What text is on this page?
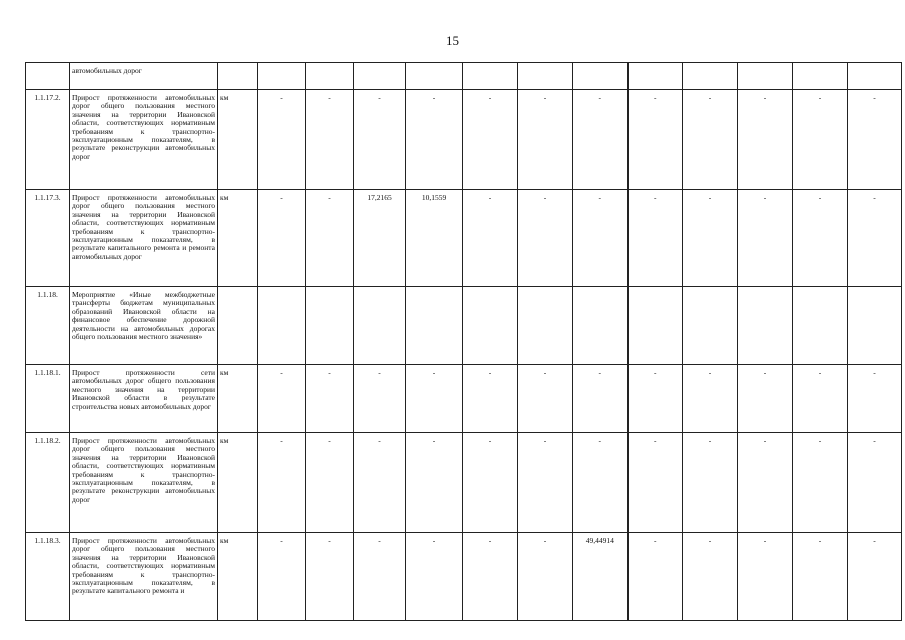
15
	автомобильных дорог													
1.1.17.2.	Прирост протяженности автомобильных дорог общего пользования местного значения на территории Ивановской области, соответствующих нормативным требованиям к транспортно-эксплуатационным показателям, в результате реконструкции автомобильных дорог	км	-	-	-	-	-	-	-	-	-	-	-	-
1.1.17.3.	Прирост протяженности автомобильных дорог общего пользования местного значения на территории Ивановской области, соответствующих нормативным требованиям к транспортно-эксплуатационным показателям, в результате капитального ремонта и ремонта автомобильных дорог	км	-	-	17,2165	10,1559	-	-	-	-	-	-	-	-
1.1.18.	Мероприятие «Иные межбюджетные трансферты бюджетам муниципальных образований Ивановской области на финансовое обеспечение дорожной деятельности на автомобильных дорогах общего пользования местного значения»													
1.1.18.1.	Прирост протяженности сети автомобильных дорог общего пользования местного значения на территории Ивановской области в результате строительства новых автомобильных дорог	км	-	-	-	-	-	-	-	-	-	-	-	-
1.1.18.2.	Прирост протяженности автомобильных дорог общего пользования местного значения на территории Ивановской области, соответствующих нормативным требованиям к транспортно-эксплуатационным показателям, в результате реконструкции автомобильных дорог	км	-	-	-	-	-	-	-	-	-	-	-	-
1.1.18.3.	Прирост протяженности автомобильных дорог общего пользования местного значения на территории Ивановской области, соответствующих нормативным требованиям к транспортно-эксплуатационным показателям, в результате капитального ремонта и	км	-	-	-	-	-	-	49,44914	-	-	-	-	-
